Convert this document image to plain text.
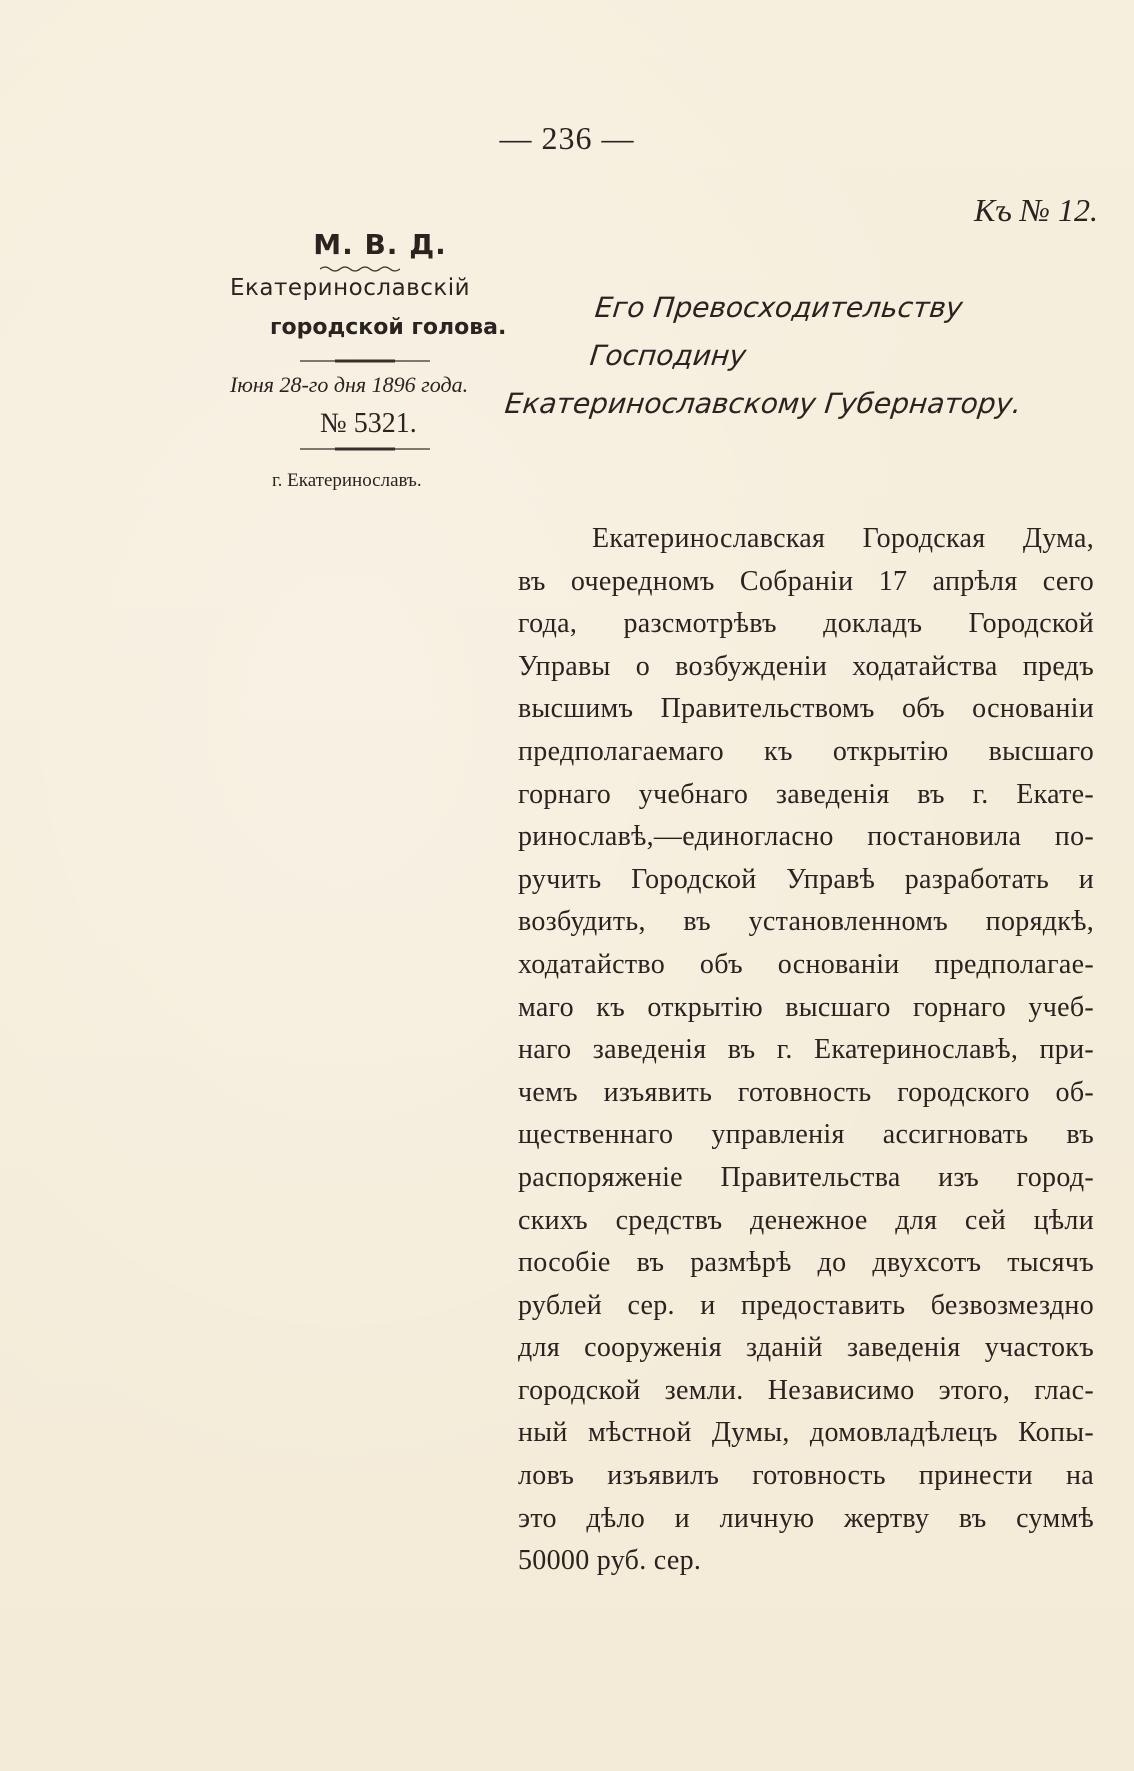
— 236 —
Къ № 12.
М. В. Д.
Екатеринославскій
городской голова.
Іюня 28-го дня 1896 года.
№ 5321.
г. Екатеринославъ.
Его Превосходительству Господину
Екатеринославскому Губернатору.
Екатеринославская Городская Дума,
въ очередномъ Собраніи 17 апрѣля сего
года, разсмотрѣвъ докладъ Городской
Управы о возбужденіи ходатайства предъ
высшимъ Правительствомъ объ основаніи
предполагаемаго къ открытію высшаго
горнаго учебнаго заведенія въ г. Екате-
ринославѣ,—единогласно постановила по-
ручить Городской Управѣ разработать и
возбудить, въ установленномъ порядкѣ,
ходатайство объ основаніи предполагае-
маго къ открытію высшаго горнаго учеб-
наго заведенія въ г. Екатеринославѣ, при-
чемъ изъявить готовность городского об-
щественнаго управленія ассигновать въ
распоряженіе Правительства изъ город-
скихъ средствъ денежное для сей цѣли
пособіе въ размѣрѣ до двухсотъ тысячъ
рублей сер. и предоставить безвозмездно
для сооруженія зданій заведенія участокъ
городской земли. Независимо этого, глас-
ный мѣстной Думы, домовладѣлецъ Копы-
ловъ изъявилъ готовность принести на
это дѣло и личную жертву въ суммѣ
50000 руб. сер.
